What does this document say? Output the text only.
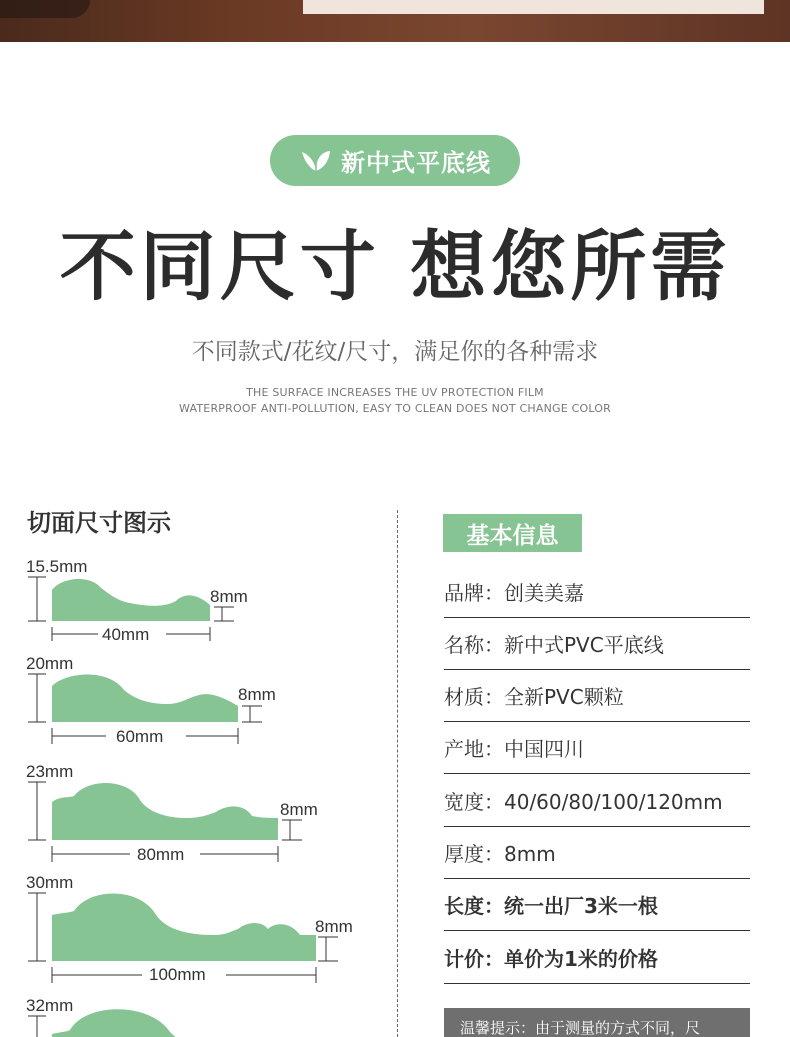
新中式平底线
不同尺寸 想您所需
不同款式/花纹/尺寸，满足你的各种需求
THE SURFACE INCREASES THE UV PROTECTION FILM
WATERPROOF ANTI-POLLUTION, EASY TO CLEAN DOES NOT CHANGE COLOR
切面尺寸图示
15.5mm
8mm
40mm
20mm
8mm
60mm
23mm
8mm
80mm
30mm
8mm
100mm
32mm
基本信息
品牌：创美美嘉
名称：新中式PVC平底线
材质：全新PVC颗粒
产地：中国四川
宽度：40/60/80/100/120mm
厚度：8mm
长度：统一出厂3米一根
计价：单价为1米的价格
温馨提示：由于测量的方式不同，尺
